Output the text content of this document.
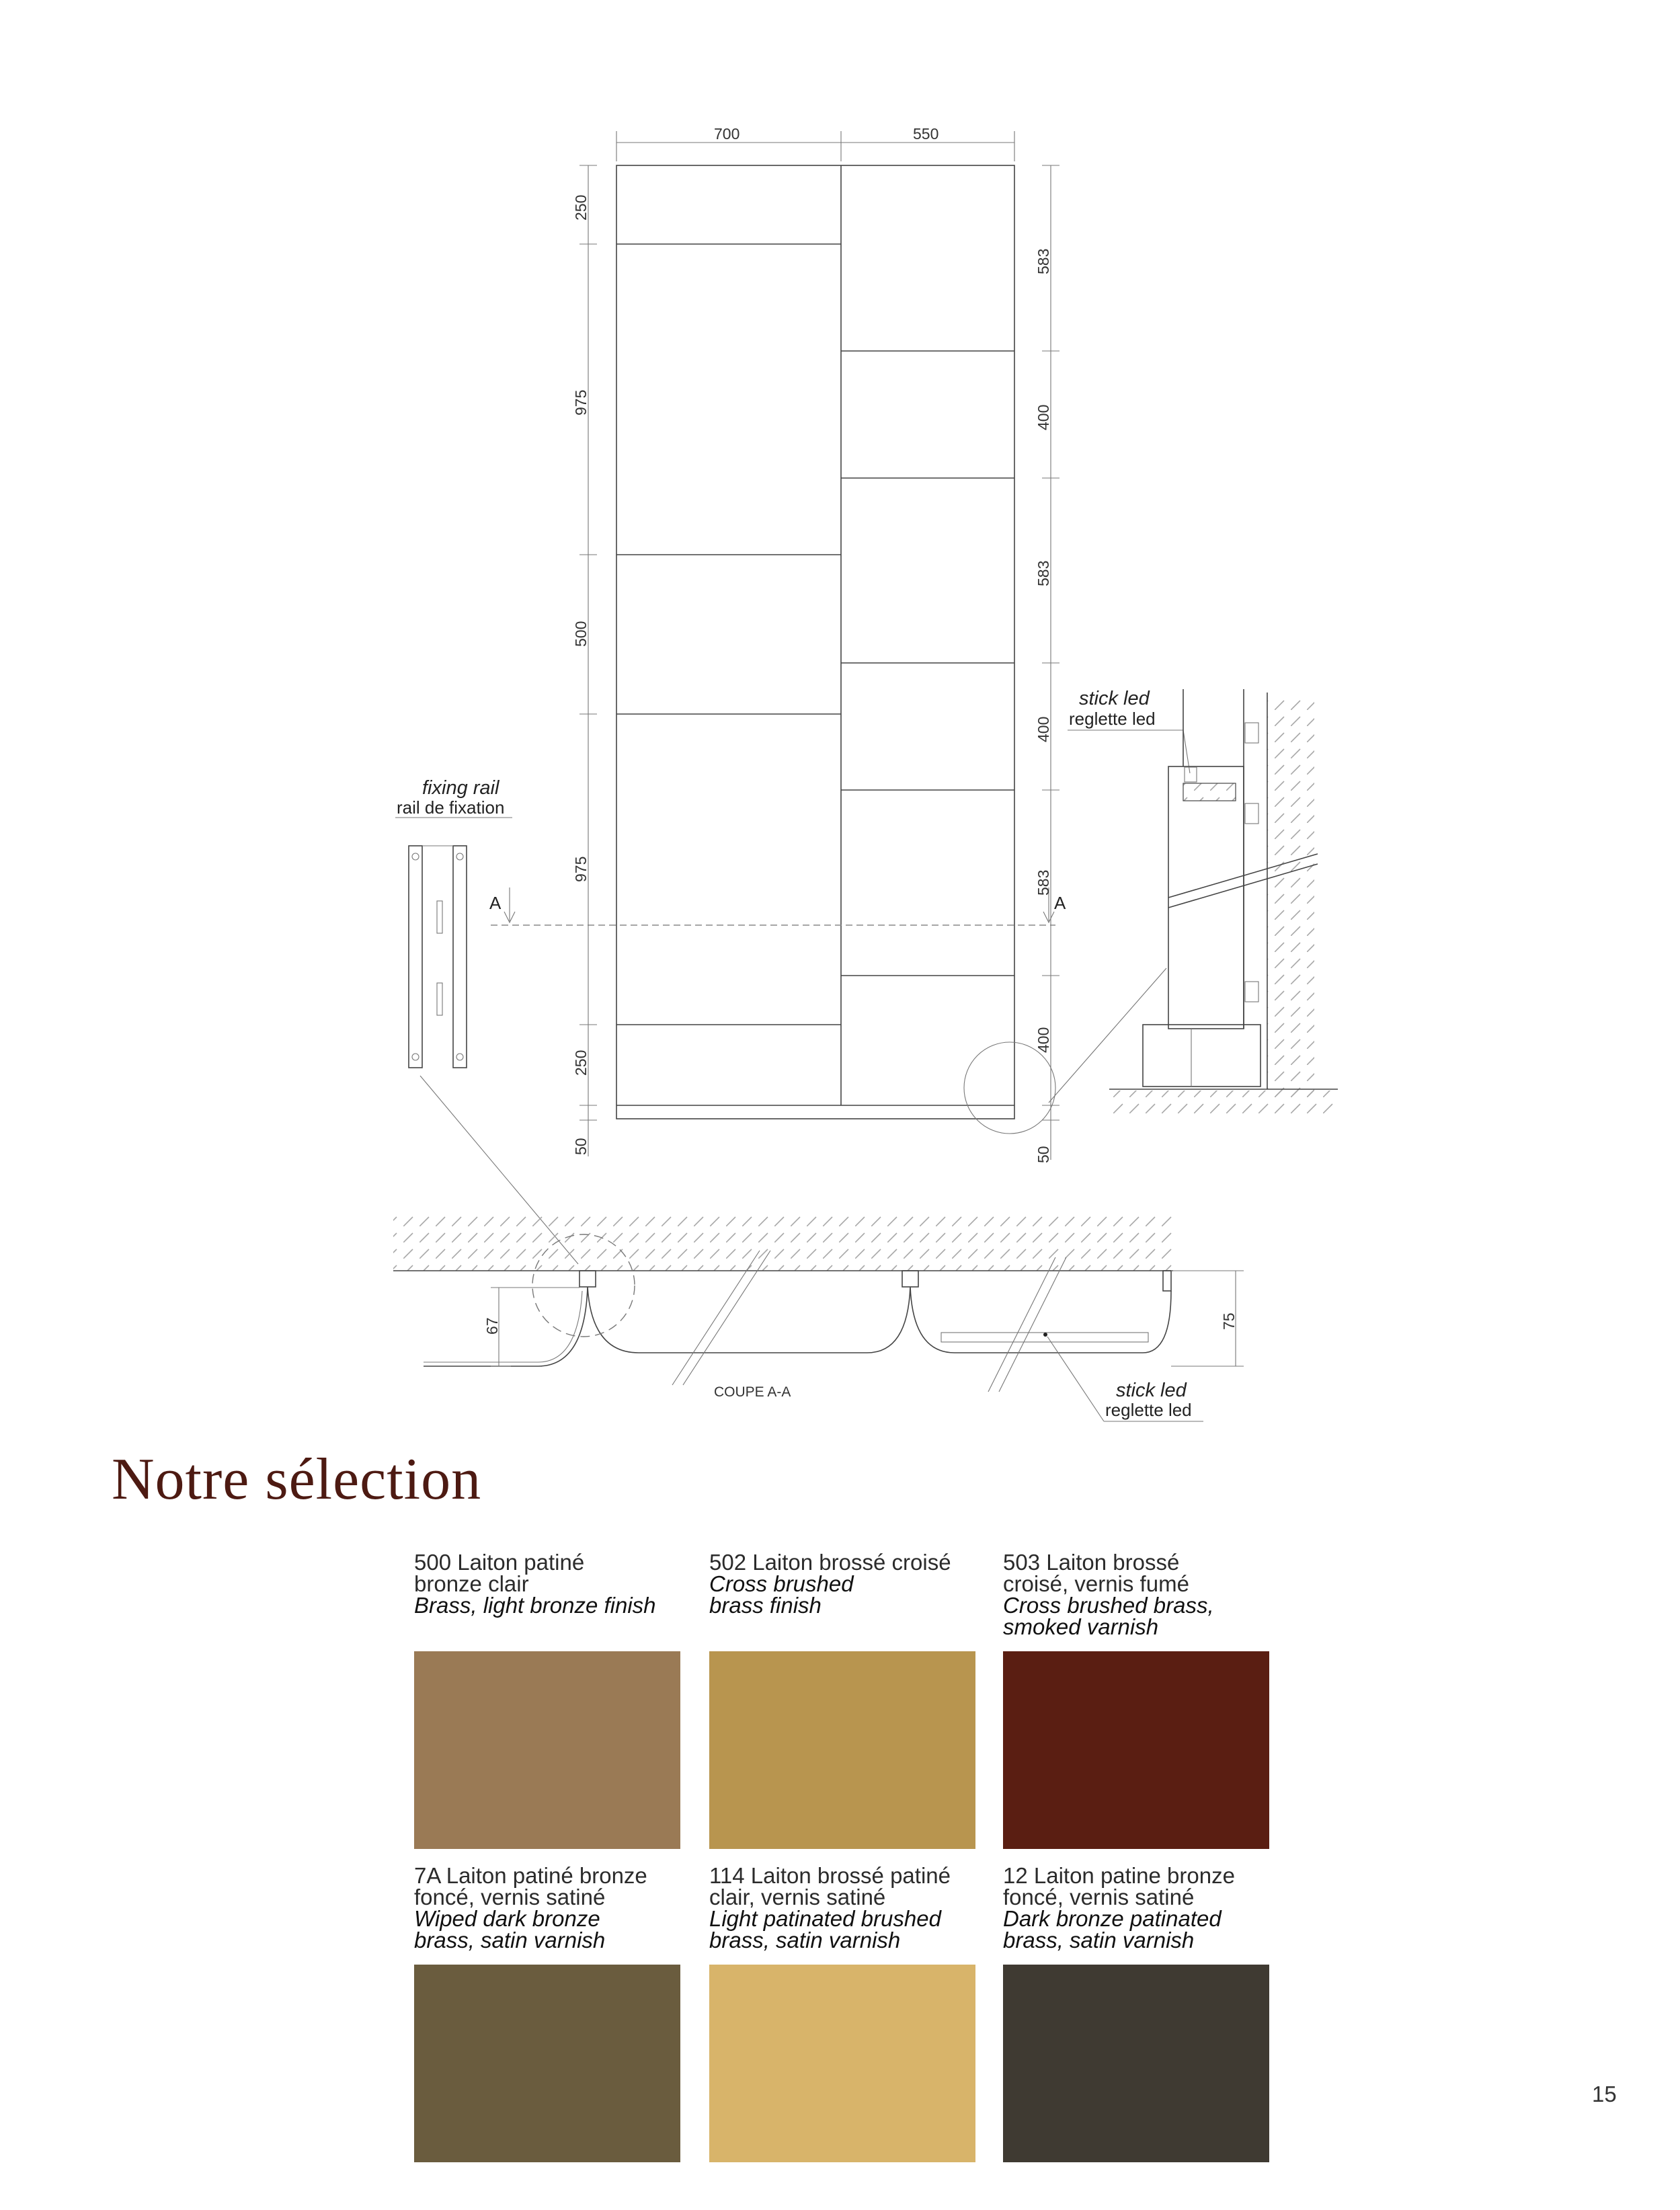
A	A
700	550
250
975
500
975
250
50
583
400
583
400
583
400
50
fixing rail
rail de fixation
stick led
reglette led
67	75
COUPE A-A	stick led
reglette led
Notre sélection
500 Laiton patiné
bronze clair
Brass, light bronze finish
502 Laiton brossé croisé
Cross brushed
brass finish
503 Laiton brossé
croisé, vernis fumé
Cross brushed brass,
smoked varnish
7A Laiton patiné bronze
foncé, vernis satiné
Wiped dark bronze
brass, satin varnish
114 Laiton brossé patiné
clair, vernis satiné
Light patinated brushed
brass, satin varnish
12 Laiton patine bronze
foncé, vernis satiné
Dark bronze patinated
brass, satin varnish
15
